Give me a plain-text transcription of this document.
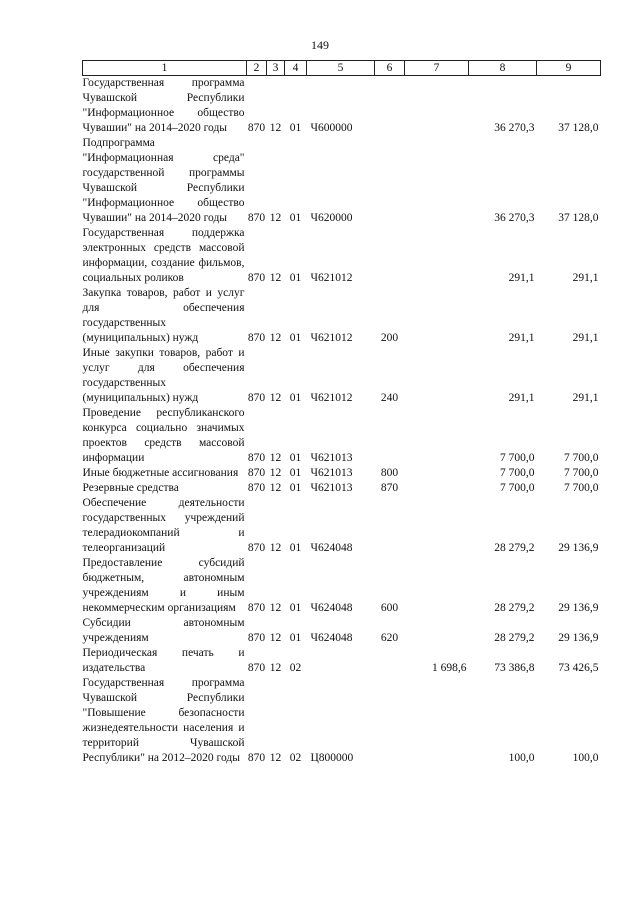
149
1	2	3	4	5	6	7	8	9
Государственная программа Чувашской Республики "Информационное общество Чувашии" на 2014–2020 годы	870	12	01	Ч600000			36 270,3	37 128,0
Подпрограмма "Информационная среда" государственной программы Чувашской Республики "Информационное общество Чувашии" на 2014–2020 годы	870	12	01	Ч620000			36 270,3	37 128,0
Государственная поддержка электронных средств массовой информации, создание фильмов, социальных роликов	870	12	01	Ч621012			291,1	291,1
Закупка товаров, работ и услуг для обеспечения государственных (муниципальных) нужд	870	12	01	Ч621012	200		291,1	291,1
Иные закупки товаров, работ и услуг для обеспечения государственных (муниципальных) нужд	870	12	01	Ч621012	240		291,1	291,1
Проведение республиканского конкурса социально значимых проектов средств массовой информации	870	12	01	Ч621013			7 700,0	7 700,0
Иные бюджетные ассигнования	870	12	01	Ч621013	800		7 700,0	7 700,0
Резервные средства	870	12	01	Ч621013	870		7 700,0	7 700,0
Обеспечение деятельности государственных учреждений телерадиокомпаний и телеорганизаций	870	12	01	Ч624048			28 279,2	29 136,9
Предоставление субсидий бюджетным, автономным учреждениям и иным некоммерческим организациям	870	12	01	Ч624048	600		28 279,2	29 136,9
Субсидии автономным учреждениям	870	12	01	Ч624048	620		28 279,2	29 136,9
Периодическая печать и издательства	870	12	02			1 698,6	73 386,8	73 426,5
Государственная программа Чувашской Республики "Повышение безопасности жизнедеятельности населения и территорий Чувашской Республики" на 2012–2020 годы	870	12	02	Ц800000			100,0	100,0
